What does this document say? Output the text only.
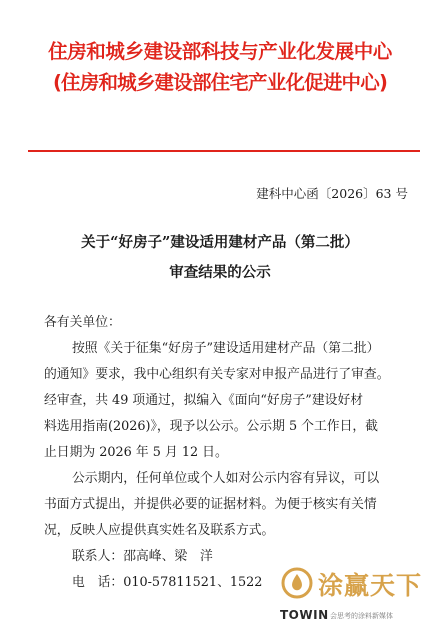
住房和城乡建设部科技与产业化发展中心
(住房和城乡建设部住宅产业化促进中心)
建科中心函〔2026〕63 号
关于“好房子”建设适用建材产品（第二批）
审查结果的公示

各有关单位：

按照《关于征集“好房子”建设适用建材产品（第二批）

的通知》要求，我中心组织有关专家对申报产品进行了审查。

经审查，共 49 项通过，拟编入《面向“好房子”建设好材

料选用指南(2026)》，现予以公示。公示期 5 个工作日，截

止日期为 2026 年 5 月 12 日。

公示期内，任何单位或个人如对公示内容有异议，可以

书面方式提出，并提供必要的证据材料。为便于核实有关情

况，反映人应提供真实姓名及联系方式。

联系人：邵高峰、梁　洋

电　话：010-57811521、1522	涂赢天下
TOWIN 会思考的涂料新媒体
